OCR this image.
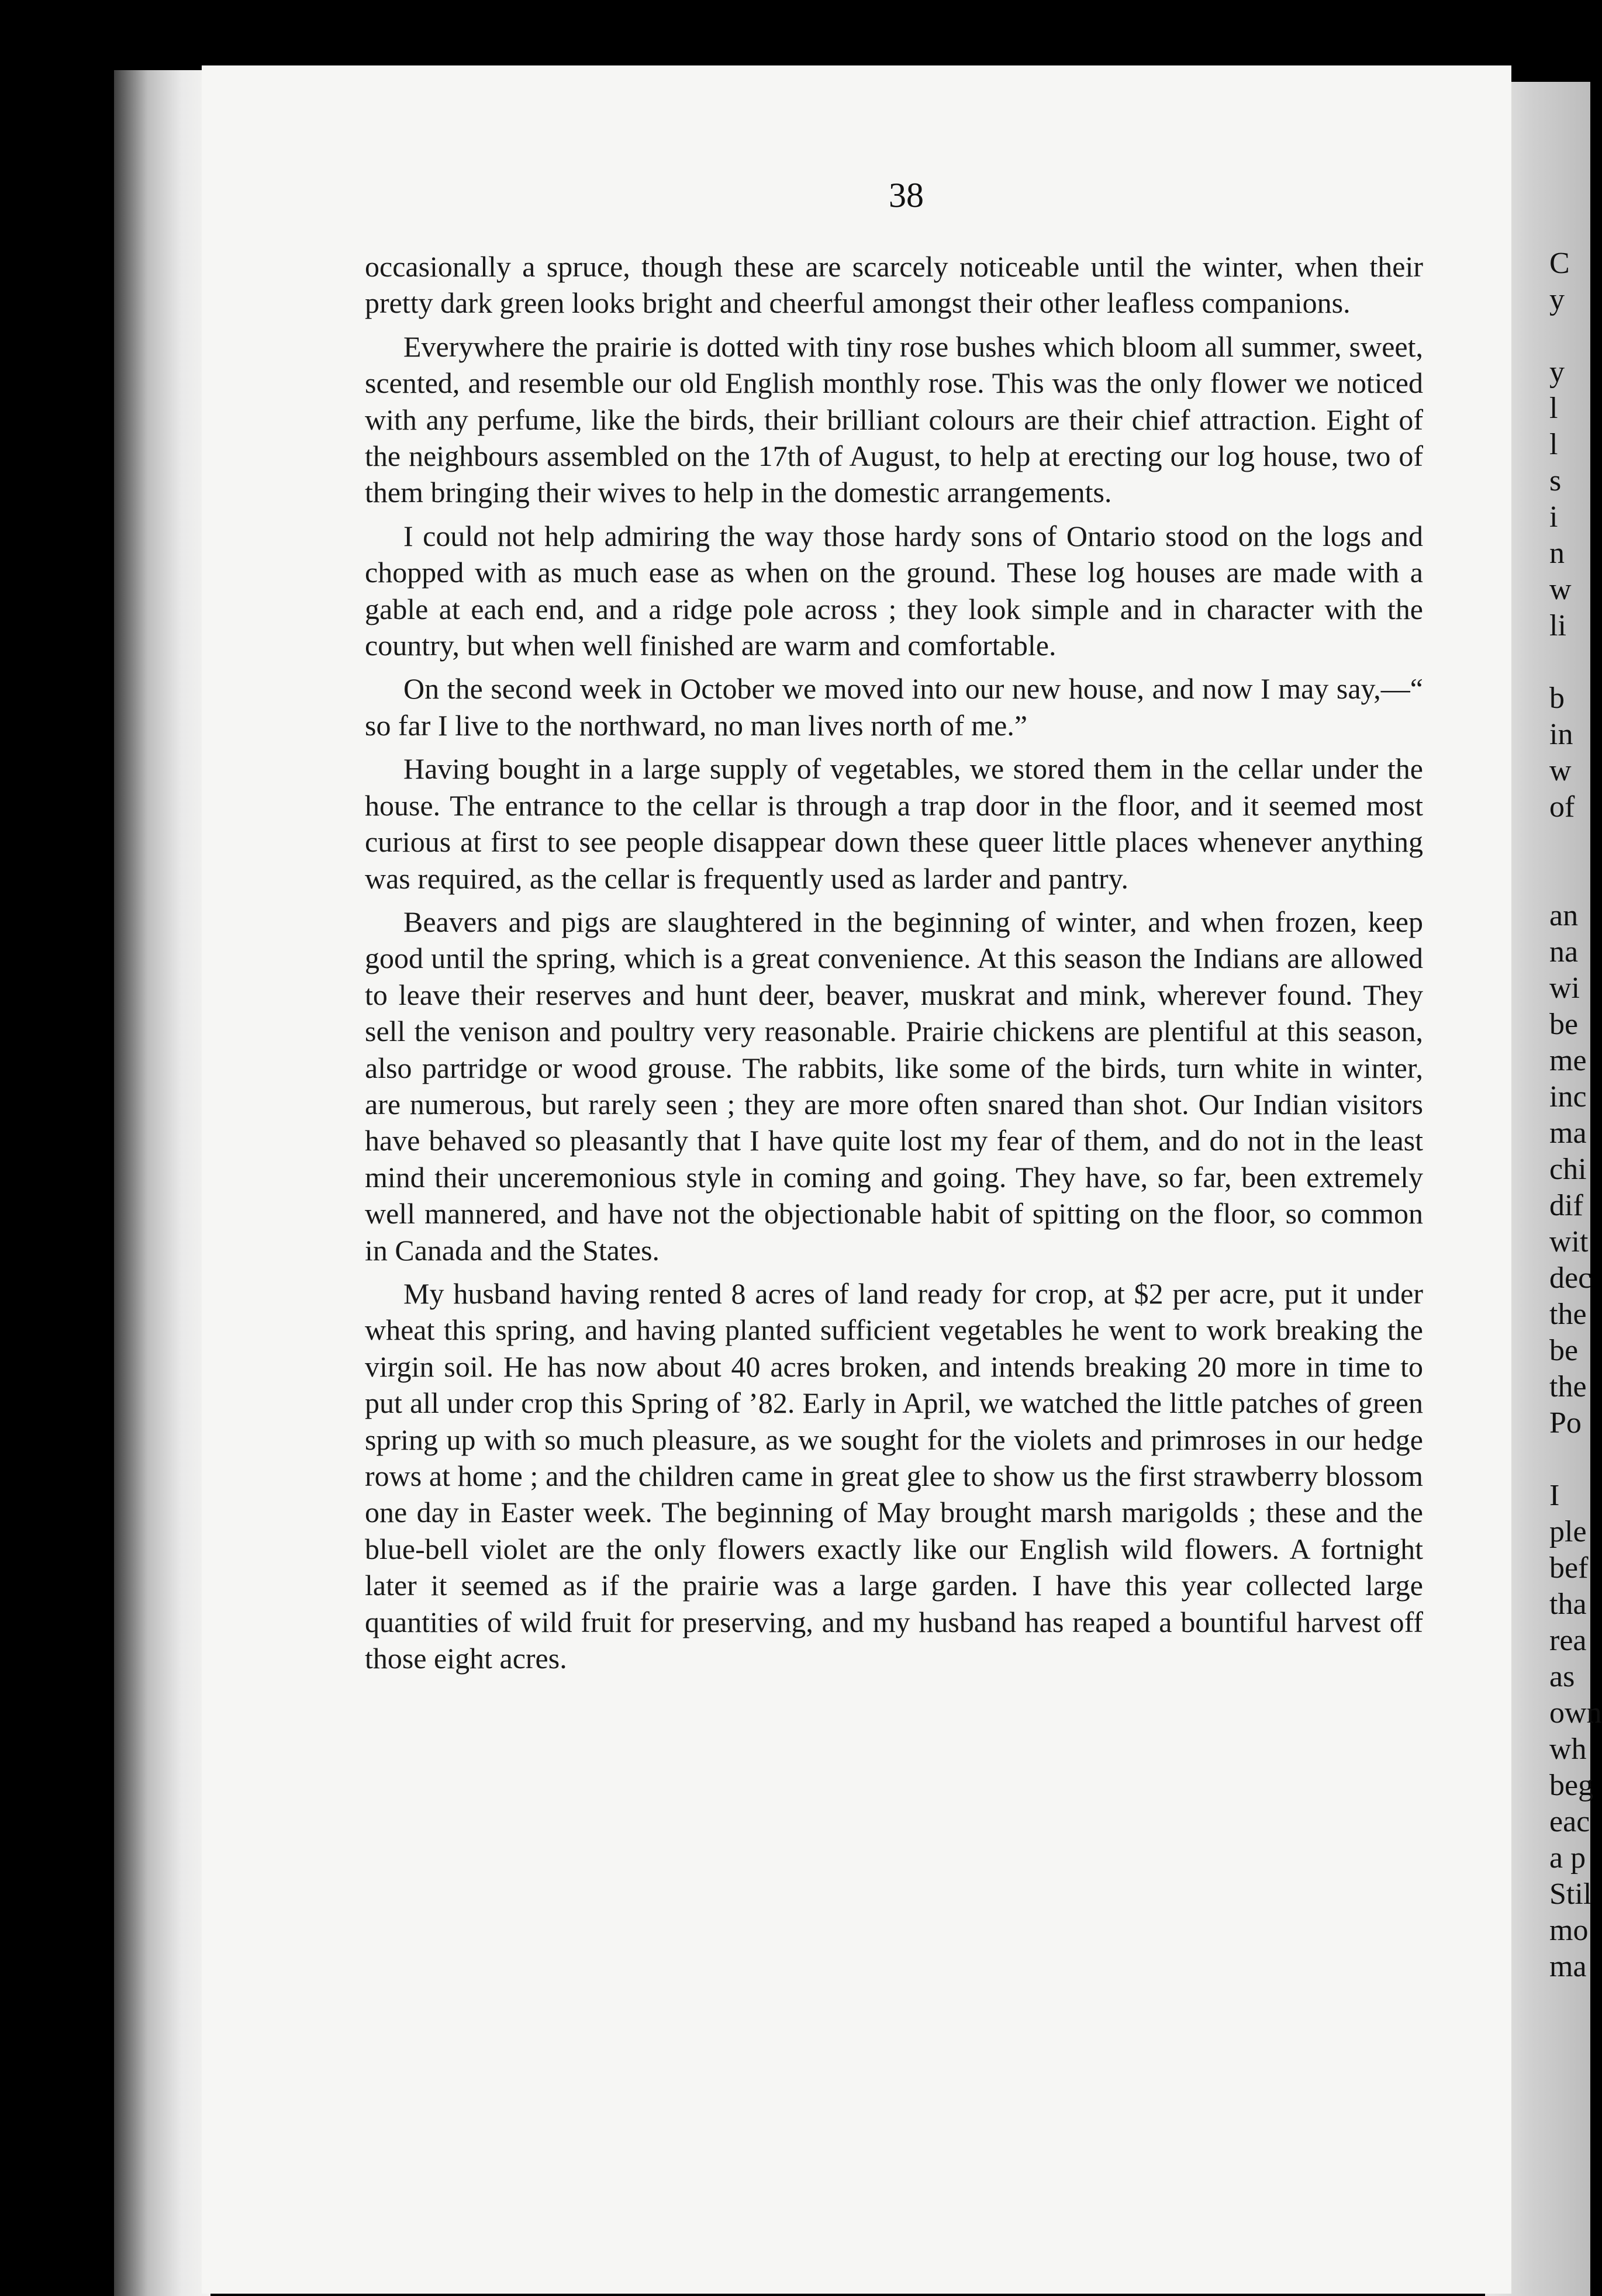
C
y

y
l
l
s
i
n
w
li

b
in
w
of

an
na
wi
be
me
inc
ma
chi
dif
wit
dec
the
be
the
Po

I
ple
bef
tha
rea
as
own
wh
beg
eac
a p
Stil
mo
ma
38

occasionally a spruce, though these are scarcely noticeable until the winter, when their pretty dark green looks bright and cheerful amongst their other leafless companions.

Everywhere the prairie is dotted with tiny rose bushes which bloom all summer, sweet, scented, and resemble our old English monthly rose. This was the only flower we noticed with any perfume, like the birds, their brilliant colours are their chief attraction. Eight of the neighbours assembled on the 17th of August, to help at erecting our log house, two of them bringing their wives to help in the domestic arrangements.

I could not help admiring the way those hardy sons of Ontario stood on the logs and chopped with as much ease as when on the ground. These log houses are made with a gable at each end, and a ridge pole across ; they look simple and in character with the country, but when well finished are warm and comfortable.

On the second week in October we moved into our new house, and now I may say,—“ so far I live to the northward, no man lives north of me.”

Having bought in a large supply of vegetables, we stored them in the cellar under the house. The entrance to the cellar is through a trap door in the floor, and it seemed most curious at first to see people disappear down these queer little places whenever anything was required, as the cellar is frequently used as larder and pantry.

Beavers and pigs are slaughtered in the beginning of winter, and when frozen, keep good until the spring, which is a great convenience. At this season the Indians are allowed to leave their reserves and hunt deer, beaver, muskrat and mink, wherever found. They sell the venison and poultry very reasonable. Prairie chickens are plentiful at this season, also partridge or wood grouse. The rabbits, like some of the birds, turn white in winter, are numerous, but rarely seen ; they are more often snared than shot. Our Indian visitors have behaved so pleasantly that I have quite lost my fear of them, and do not in the least mind their unceremonious style in coming and going. They have, so far, been extremely well mannered, and have not the objectionable habit of spitting on the floor, so common in Canada and the States.

My husband having rented 8 acres of land ready for crop, at $2 per acre, put it under wheat this spring, and having planted sufficient vegetables he went to work breaking the virgin soil. He has now about 40 acres broken, and intends breaking 20 more in time to put all under crop this Spring of ’82. Early in April, we watched the little patches of green spring up with so much pleasure, as we sought for the violets and primroses in our hedge rows at home ; and the children came in great glee to show us the first strawberry blossom one day in Easter week. The beginning of May brought marsh marigolds ; these and the blue-bell violet are the only flowers exactly like our English wild flowers. A fortnight later it seemed as if the prairie was a large garden. I have this year collected large quantities of wild fruit for preserving, and my husband has reaped a bountiful harvest off those eight acres.
